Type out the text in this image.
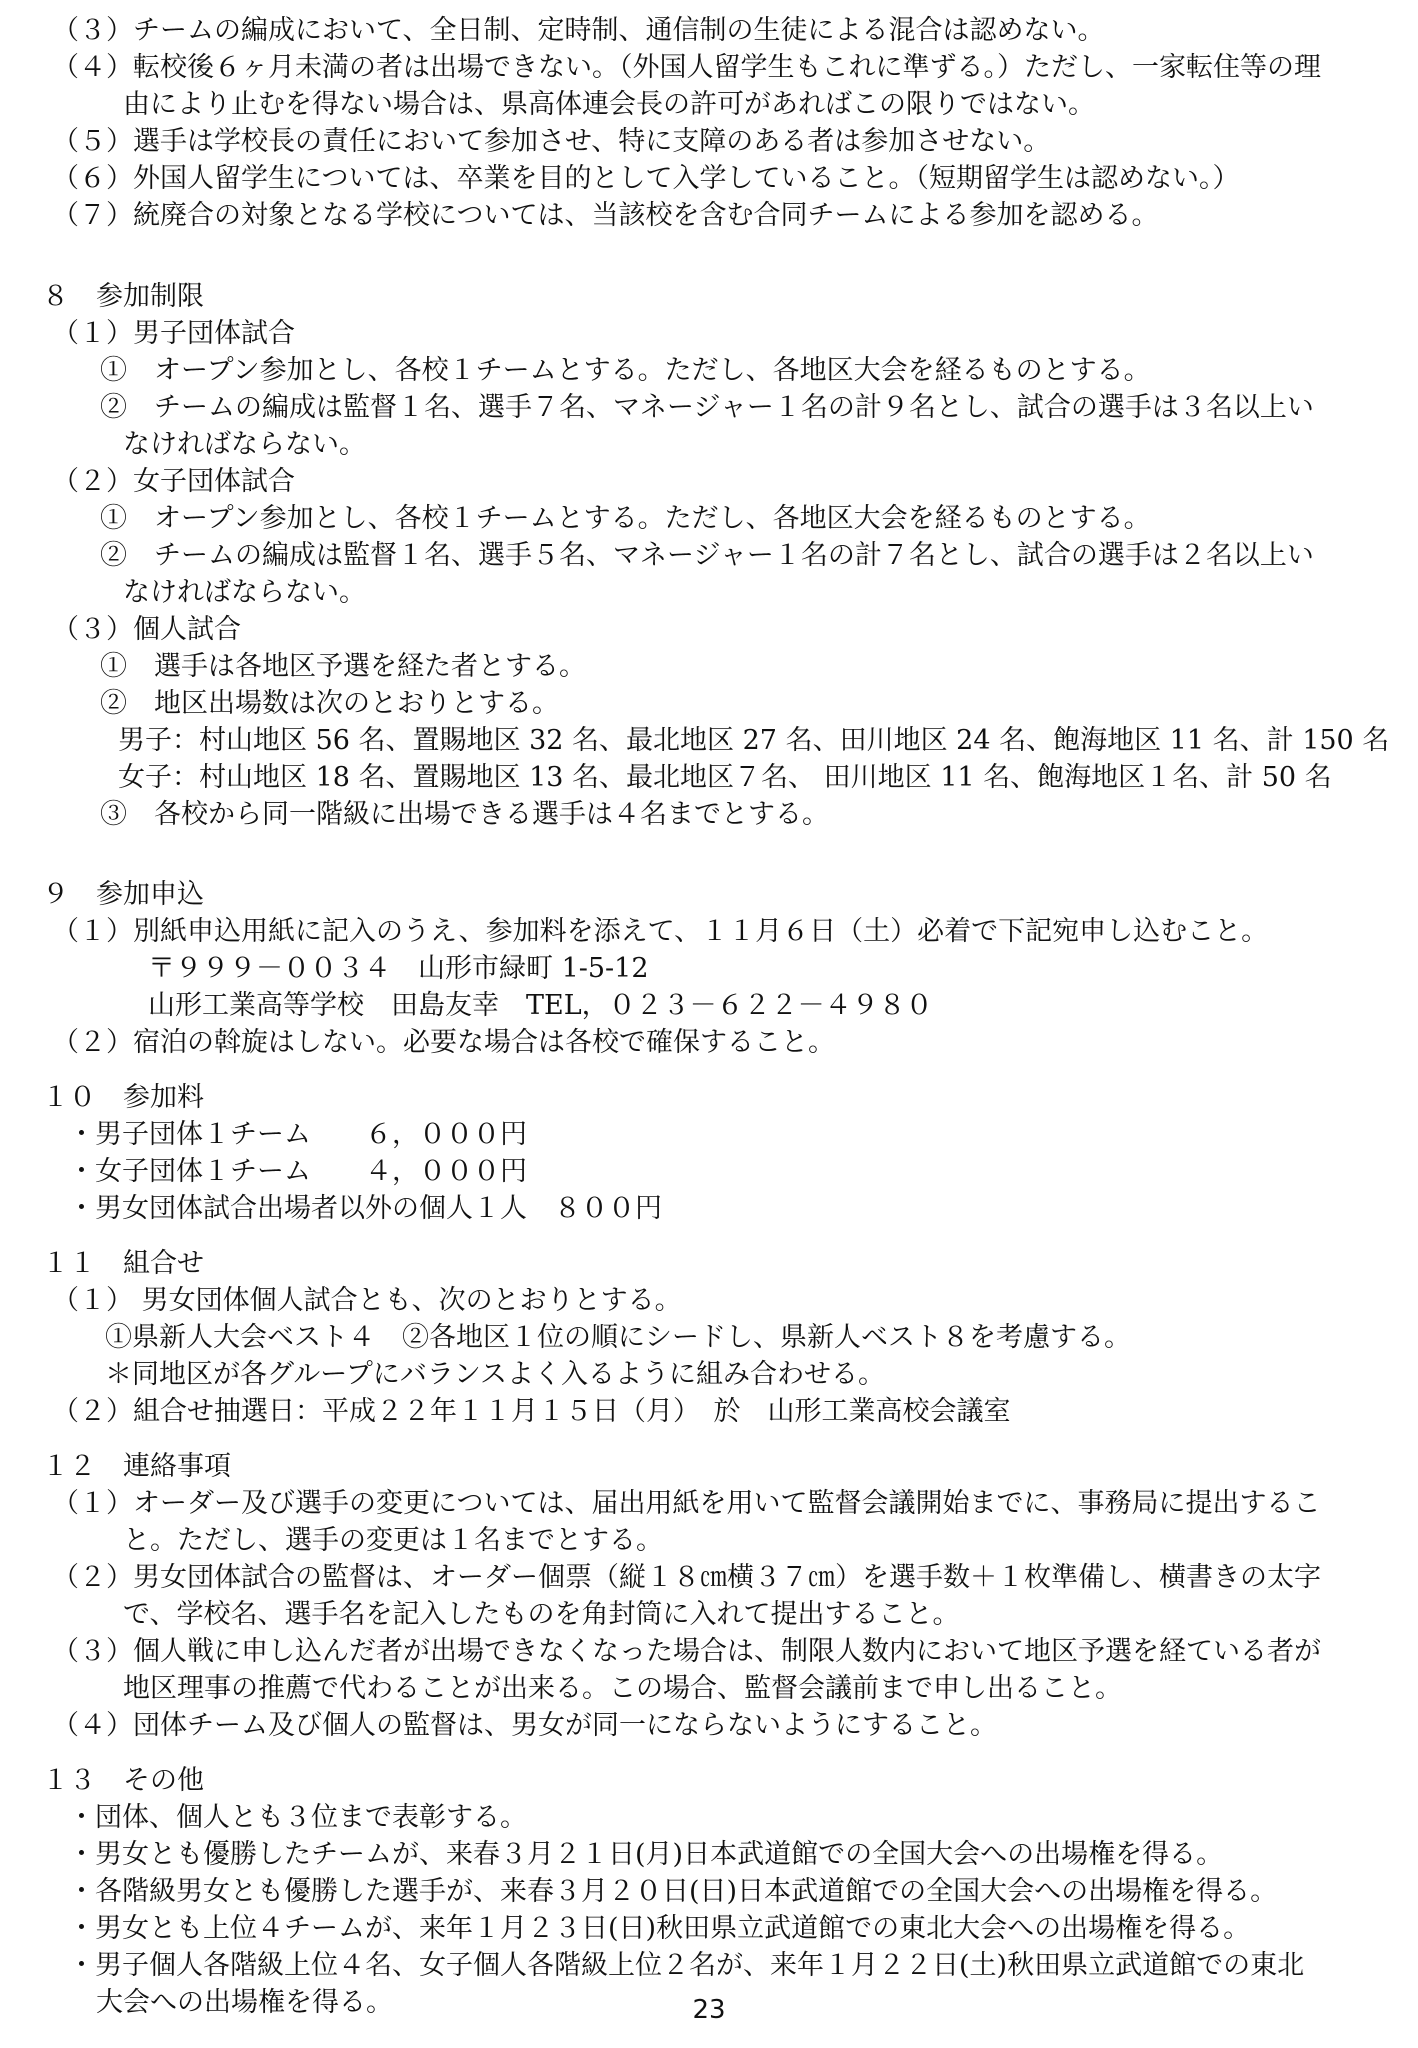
（３）チームの編成において、全日制、定時制、通信制の生徒による混合は認めない。
（４）転校後６ヶ月未満の者は出場できない。（外国人留学生もこれに準ずる。）ただし、一家転住等の理
由により止むを得ない場合は、県高体連会長の許可があればこの限りではない。
（５）選手は学校長の責任において参加させ、特に支障のある者は参加させない。
（６）外国人留学生については、卒業を目的として入学していること。（短期留学生は認めない。）
（７）統廃合の対象となる学校については、当該校を含む合同チームによる参加を認める。
８　参加制限
（１）男子団体試合
①　オープン参加とし、各校１チームとする。ただし、各地区大会を経るものとする。
②　チームの編成は監督１名、選手７名、マネージャー１名の計９名とし、試合の選手は３名以上い
なければならない。
（２）女子団体試合
①　オープン参加とし、各校１チームとする。ただし、各地区大会を経るものとする。
②　チームの編成は監督１名、選手５名、マネージャー１名の計７名とし、試合の選手は２名以上い
なければならない。
（３）個人試合
①　選手は各地区予選を経た者とする。
②　地区出場数は次のとおりとする。
男子：村山地区 56 名、置賜地区 32 名、最北地区 27 名、田川地区 24 名、飽海地区 11 名、計 150 名
女子：村山地区 18 名、置賜地区 13 名、最北地区７名、 田川地区 11 名、飽海地区１名、計 50 名
③　各校から同一階級に出場できる選手は４名までとする。
９　参加申込
（１）別紙申込用紙に記入のうえ、参加料を添えて、１１月６日（土）必着で下記宛申し込むこと。
〒９９９－００３４　山形市緑町 1-5-12
山形工業高等学校　田島友幸　TEL，０２３－６２２－４９８０
（２）宿泊の斡旋はしない。必要な場合は各校で確保すること。
１０　参加料
・男子団体１チーム　　６，０００円
・女子団体１チーム　　４，０００円
・男女団体試合出場者以外の個人１人　８００円
１１　組合せ
（１） 男女団体個人試合とも、次のとおりとする。
①県新人大会ベスト４　②各地区１位の順にシードし、県新人ベスト８を考慮する。
＊同地区が各グループにバランスよく入るように組み合わせる。
（２）組合せ抽選日：平成２２年１１月１５日（月）　於　山形工業高校会議室
１２　連絡事項
（１）オーダー及び選手の変更については、届出用紙を用いて監督会議開始までに、事務局に提出するこ
と。ただし、選手の変更は１名までとする。
（２）男女団体試合の監督は、オーダー個票（縦１８㎝横３７㎝）を選手数＋１枚準備し、横書きの太字
で、学校名、選手名を記入したものを角封筒に入れて提出すること。
（３）個人戦に申し込んだ者が出場できなくなった場合は、制限人数内において地区予選を経ている者が
地区理事の推薦で代わることが出来る。この場合、監督会議前まで申し出ること。
（４）団体チーム及び個人の監督は、男女が同一にならないようにすること。
１３　その他
・団体、個人とも３位まで表彰する。
・男女とも優勝したチームが、来春３月２１日(月)日本武道館での全国大会への出場権を得る。
・各階級男女とも優勝した選手が、来春３月２０日(日)日本武道館での全国大会への出場権を得る。
・男女とも上位４チームが、来年１月２３日(日)秋田県立武道館での東北大会への出場権を得る。
・男子個人各階級上位４名、女子個人各階級上位２名が、来年１月２２日(土)秋田県立武道館での東北
大会への出場権を得る。	23
